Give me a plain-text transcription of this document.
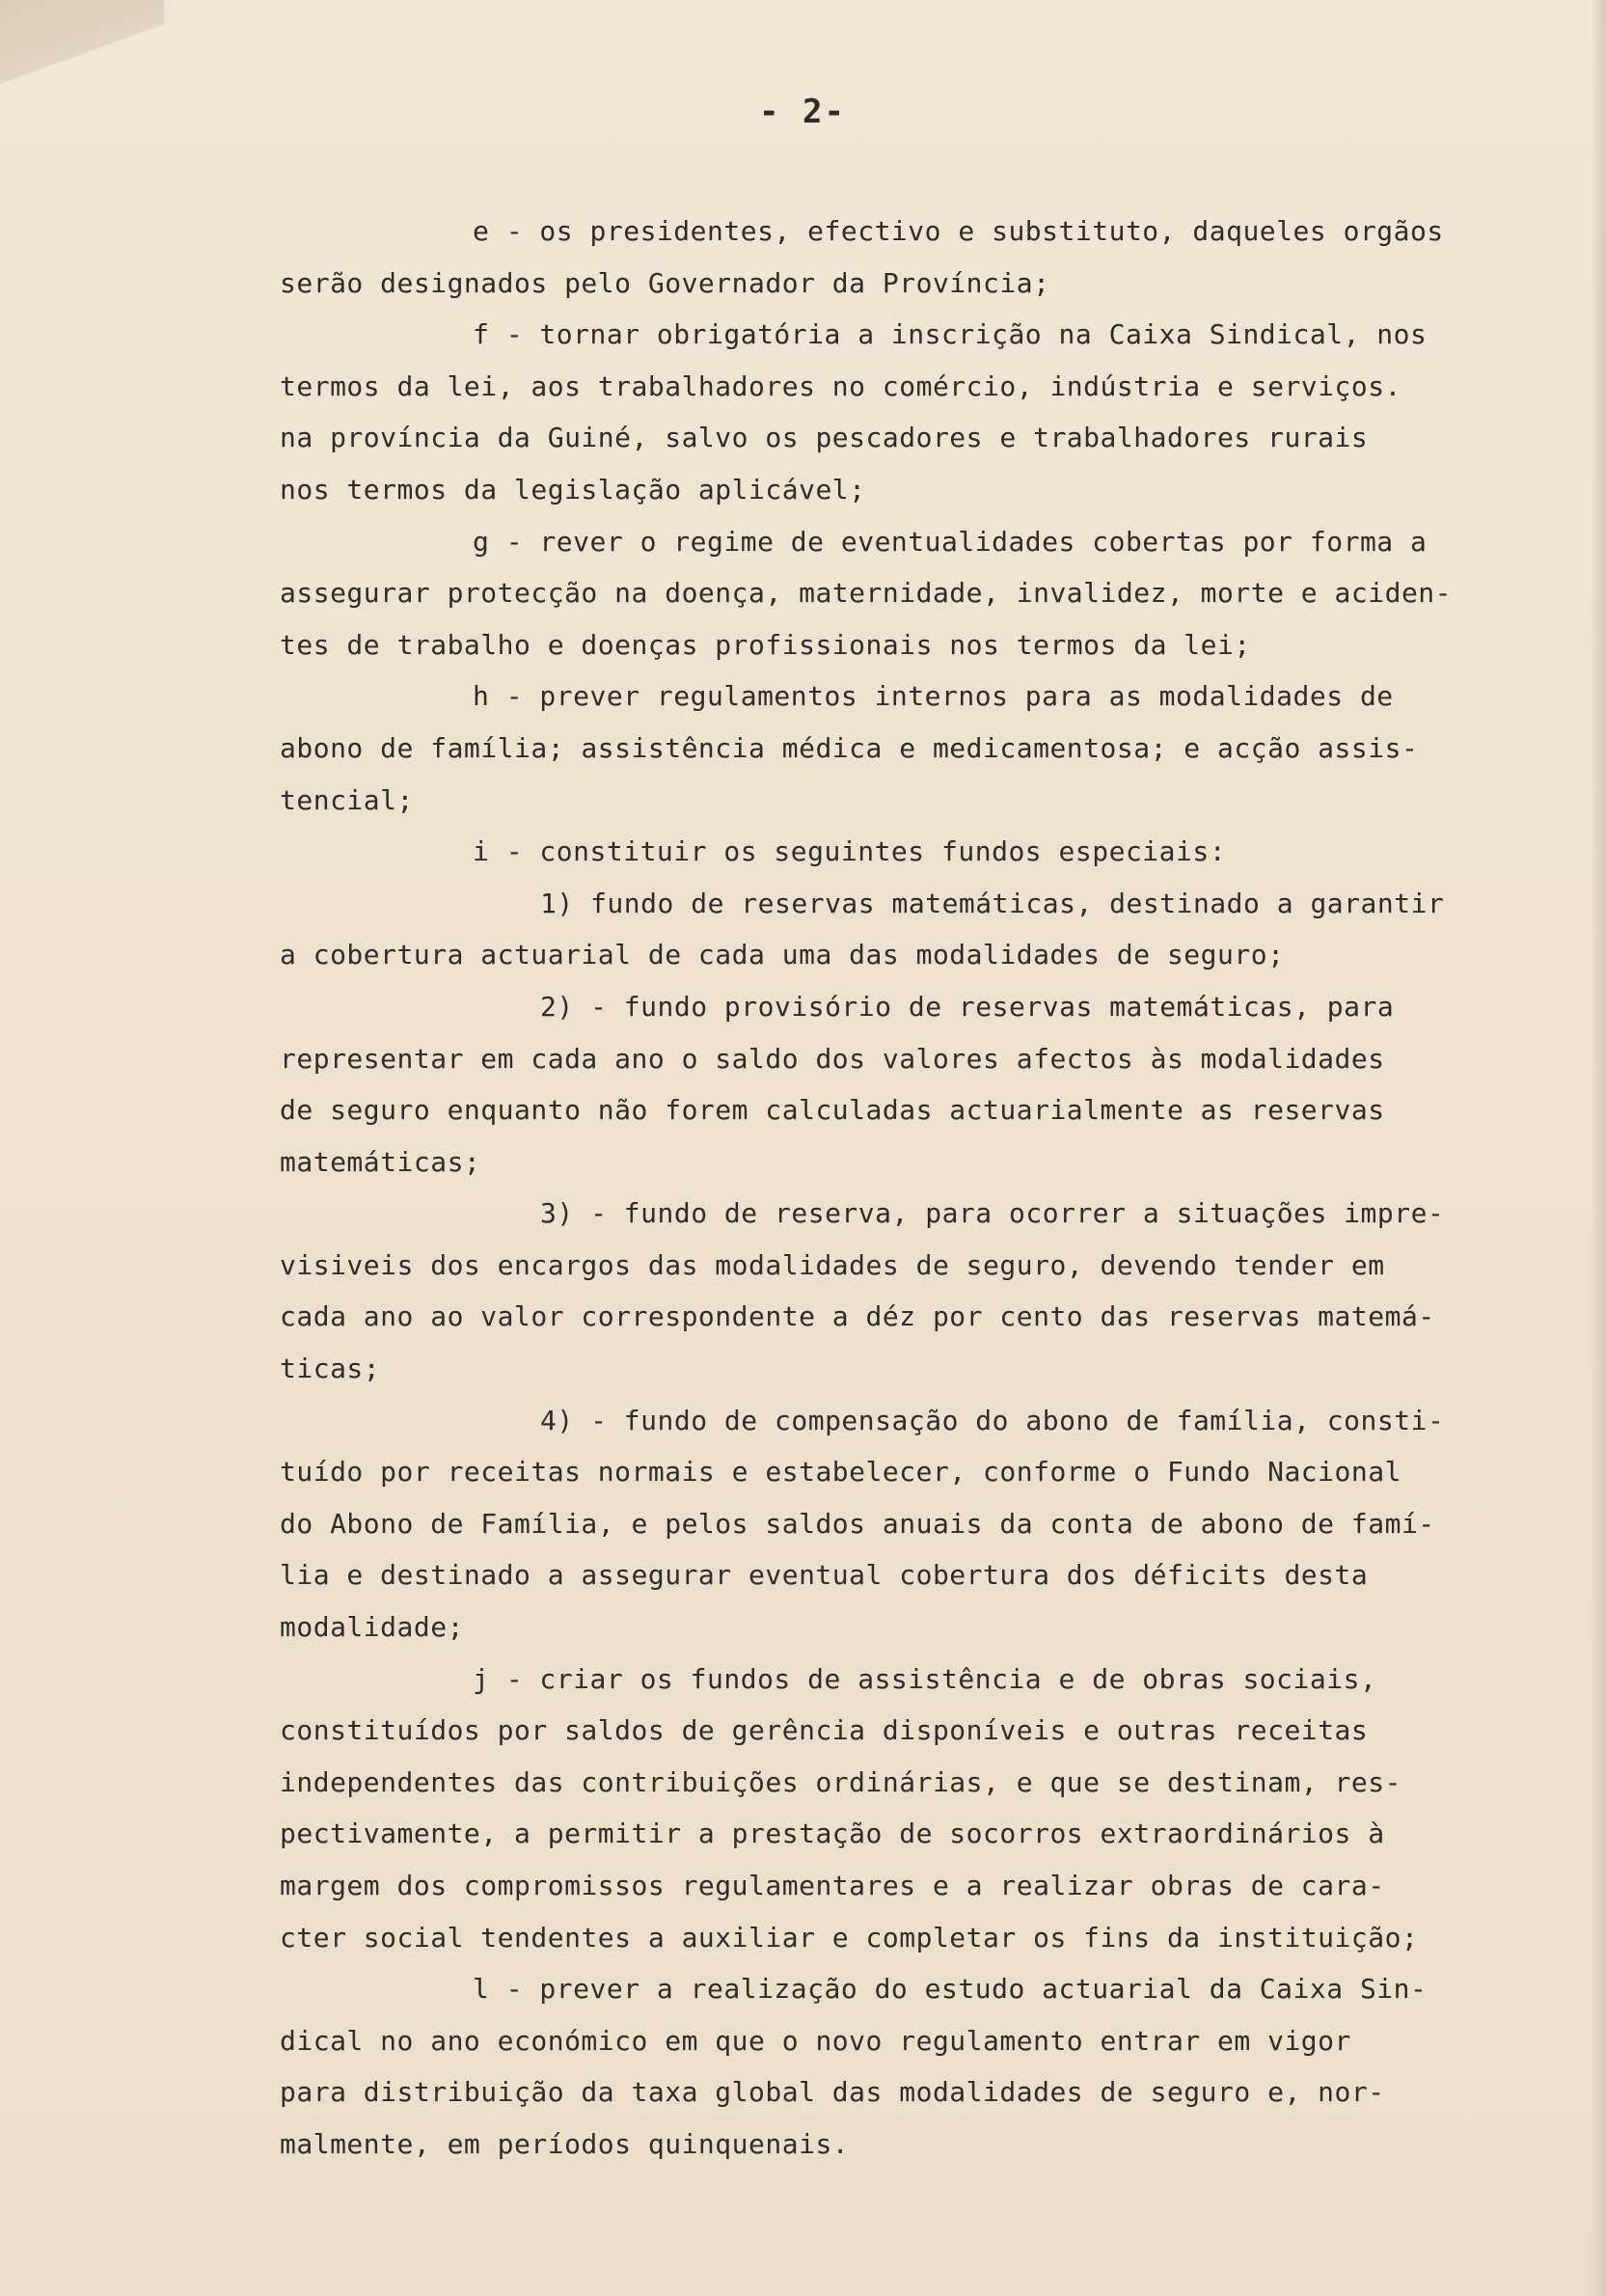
- 2-
e - os presidentes, efectivo e substituto, daqueles orgãos
serão designados pelo Governador da Província;
f - tornar obrigatória a inscrição na Caixa Sindical, nos
termos da lei, aos trabalhadores no comércio, indústria e serviços.
na província da Guiné, salvo os pescadores e trabalhadores rurais
nos termos da legislação aplicável;
g - rever o regime de eventualidades cobertas por forma a
assegurar protecção na doença, maternidade, invalidez, morte e aciden-
tes de trabalho e doenças profissionais nos termos da lei;
h - prever regulamentos internos para as modalidades de
abono de família; assistência médica e medicamentosa; e acção assis-
tencial;
i - constituir os seguintes fundos especiais:
1) fundo de reservas matemáticas, destinado a garantir
a cobertura actuarial de cada uma das modalidades de seguro;
2) - fundo provisório de reservas matemáticas, para
representar em cada ano o saldo dos valores afectos às modalidades
de seguro enquanto não forem calculadas actuarialmente as reservas
matemáticas;
3) - fundo de reserva, para ocorrer a situações impre-
visiveis dos encargos das modalidades de seguro, devendo tender em
cada ano ao valor correspondente a déz por cento das reservas matemá-
ticas;
4) - fundo de compensação do abono de família, consti-
tuído por receitas normais e estabelecer, conforme o Fundo Nacional
do Abono de Família, e pelos saldos anuais da conta de abono de famí-
lia e destinado a assegurar eventual cobertura dos déficits desta
modalidade;
j - criar os fundos de assistência e de obras sociais,
constituídos por saldos de gerência disponíveis e outras receitas
independentes das contribuições ordinárias, e que se destinam, res-
pectivamente, a permitir a prestação de socorros extraordinários à
margem dos compromissos regulamentares e a realizar obras de cara-
cter social tendentes a auxiliar e completar os fins da instituição;
l - prever a realização do estudo actuarial da Caixa Sin-
dical no ano económico em que o novo regulamento entrar em vigor
para distribuição da taxa global das modalidades de seguro e, nor-
malmente, em períodos quinquenais.
